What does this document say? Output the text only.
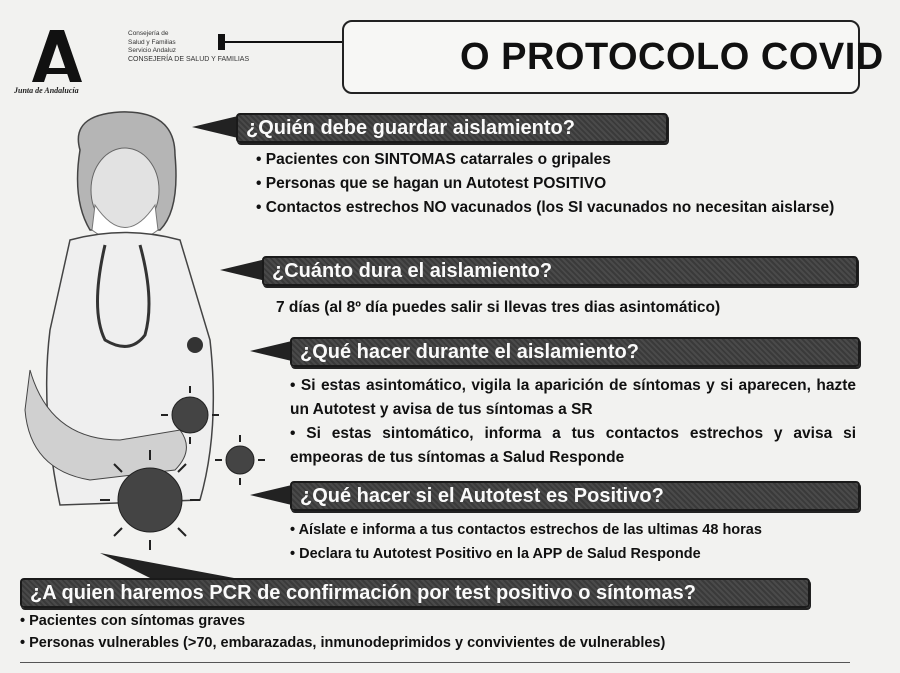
Junta de Andalucía
Consejería de
Salud y Familias
Servicio Andaluz
CONSEJERÍA DE SALUD Y FAMILIAS	O PROTOCOLO COVID
¿Quién debe guardar aislamiento?
• Pacientes con SINTOMAS catarrales o gripales
• Personas que se hagan un Autotest POSITIVO
• Contactos estrechos NO vacunados (los SI vacunados no necesitan aislarse)
¿Cuánto dura el aislamiento?
7 días (al 8º día puedes salir si llevas tres dias asintomático)
¿Qué hacer durante el aislamiento?
• Si estas asintomático, vigila la aparición de síntomas y si aparecen, hazte un Autotest y avisa de tus síntomas a SR
• Si estas sintomático, informa a tus contactos estrechos y avisa si empeoras de tus síntomas a Salud Responde
¿Qué hacer si el Autotest es Positivo?
• Aíslate e informa a tus contactos estrechos de las ultimas 48 horas
• Declara tu Autotest Positivo en la APP de Salud Responde
¿A quien haremos PCR de confirmación por test positivo o síntomas?
• Pacientes con síntomas graves
• Personas vulnerables (>70, embarazadas, inmunodeprimidos y convivientes de vulnerables)
